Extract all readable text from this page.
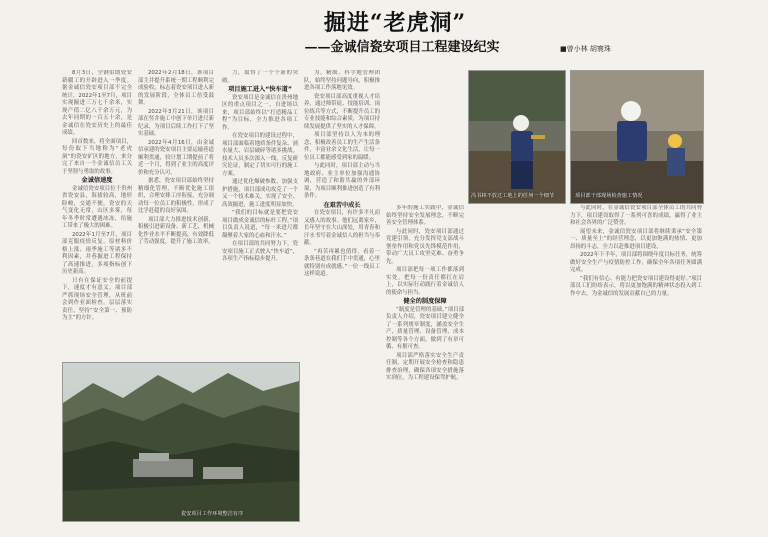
掘进“老虎洞”
——金诚信瓷安项目工程建设纪实	■曾小林 胡寰珠

8月3日，全钢伯朗瓷安新疆工的开辟进入一季度。据金诚信瓷安项目部不完全统计，2022年1至7月，项目实现掘进三万七千余米，实现产值二亿八千余万元，为去年同期的一百五十余，是金诚信在瓷安历史上的最佳成绩。

回首数来，将全面项目，每份取下当地称为“老虎洞”的瓷安矿区的地方，来分完了来自一个金诚信员工关于坚韧与勇取的故事。

金诚信速度

金诚信瓷安项目位于贵州省瓷安县，海拔较高，地形险峻，交通不便，瓷安的天气变化无常，山区多雾，每年冬季时常遭遇冰冻，给施工带来了极大的困难。

2022年1月至7月，项目部克服疫情反复、原材料价格上涨、雨季施工等诸多不利因素，井巷掘进工程保持了高速推进，多项指标创下历史新高。

只有在保证安全的前提下，速度才有意义。项目部严抓现场安全管理，从班前会到作业面检查，层层落实责任，坚持“安全第一、预防为主”的方针。

2022年2月18日，该项目部主井提升系统一期工程顺利完成验收，标志着瓷安项目进入新的发展阶段，全体员工倍受鼓舞。

2022年3月21日，该项目部在竖井施工中创下单月进尺新纪录，为项目后续工作打下了坚实基础。

2022年4月16日，由金诚信承建的瓷安项目主要运输巷道顺利贯通，较计划工期提前了将近一个月，得到了业主的高度评价和充分认可。

据悉，瓷安项目部始终坚持精细化管理，不断优化施工组织，合理安排工序衔接，充分调动每一位员工的积极性，形成了比学赶超的良好氛围。

项目部大力推进技术创新，积极引进新设备、新工艺，机械化作业水平不断提高，有效降低了劳动强度，提升了施工效率。

力，取得了一个个新的突破。

项目施工进入“快车道”

瓷安项目是金诚信在贵州地区的重点项目之一。自进场以来，项目部始终以“打造精品工程”为目标，全力推进各项工作。

在瓷安项目的建设过程中，项目部面临着地质条件复杂、涌水量大、岩层破碎等诸多挑战。技术人员多次深入一线，反复研究论证，制定了切实可行的施工方案。

通过优化爆破参数、加强支护措施，项目部成功攻克了一个又一个技术难关，实现了安全、高效掘进，施工进度明显加快。

“我们的目标就是要把瓷安项目做成金诚信的标杆工程。”项目负责人说道，“每一米进尺都凝聚着大家的心血和汗水。”

在项目部的共同努力下，瓷安项目施工正式驶入“快车道”，各项生产指标稳步提升。

为，精细、科学地管理团队，始终坚持问题导向，积极推进各项工作落地见效。

瓷安项目部高度重视人才培养，通过师带徒、技能培训、岗位练兵等方式，不断提升员工的专业技能和综合素质，为项目持续发展提供了坚实的人才保障。

项目部坚持以人为本的理念，积极改善员工的生产生活条件，丰富业余文化生活，让每一位员工都能感受到家的温暖。

与此同时，项目部主动与当地政府、业主单位加强沟通协调，营造了和谐共赢的外部环境，为项目顺利推进创造了有利条件。

在艰苦中成长

在瓷安项目，有许多平凡而又感人的故事。他们远离家乡，长年坚守在大山深处，用青春和汗水书写着金诚信人的担当与奉献。

“再苦再累也值得，看着一条条巷道在我们手中贯通，心里就特别有成就感。”一位一线员工这样说道。

多年的施工实践中，金诚信始终坚持安全发展理念，不断完善安全管理体系。

与此同时，瓷安项目部通过党建引领，充分发挥党支部战斗堡垒作用和党员先锋模范作用，带动广大员工攻坚克难、奋勇争先。

项目部把每一项工作都落到实处，把每一份责任都扛在肩上，以实际行动践行着金诚信人的使命与担当。

健全的制度保障

“制度是管理的基础。”项目部负责人介绍，瓷安项目建立健全了一系列规章制度，涵盖安全生产、质量管理、设备管理、成本控制等各个方面，做到了有章可循、有据可查。

项目部严格落实安全生产责任制，定期开展安全检查和隐患排查治理，确保各项安全措施落实到位，为工程建设保驾护航。

与此同时，在金诚信瓷安项目部全体员工的共同努力下，项目建设取得了一系列可喜的成绩，赢得了业主和社会各界的广泛赞誉。

展望未来，金诚信瓷安项目部将继续秉承“安全第一、质量至上”的经营理念，以更加饱满的热情、更加昂扬的斗志，全力以赴推进项目建设。

2022年下半年，项目部将围绕年度目标任务，统筹做好安全生产与疫情防控工作，确保全年各项任务圆满完成。

“我们有信心、有能力把瓷安项目建设得更好。”项目部员工们纷纷表示，将以更加饱满的精神状态投入到工作中去，为金诚信的发展贡献自己的力量。

瓷安项目工作环境整洁有序
冯书林不放过工地上的任何一个细节	项目部干部现场检查施工情况
